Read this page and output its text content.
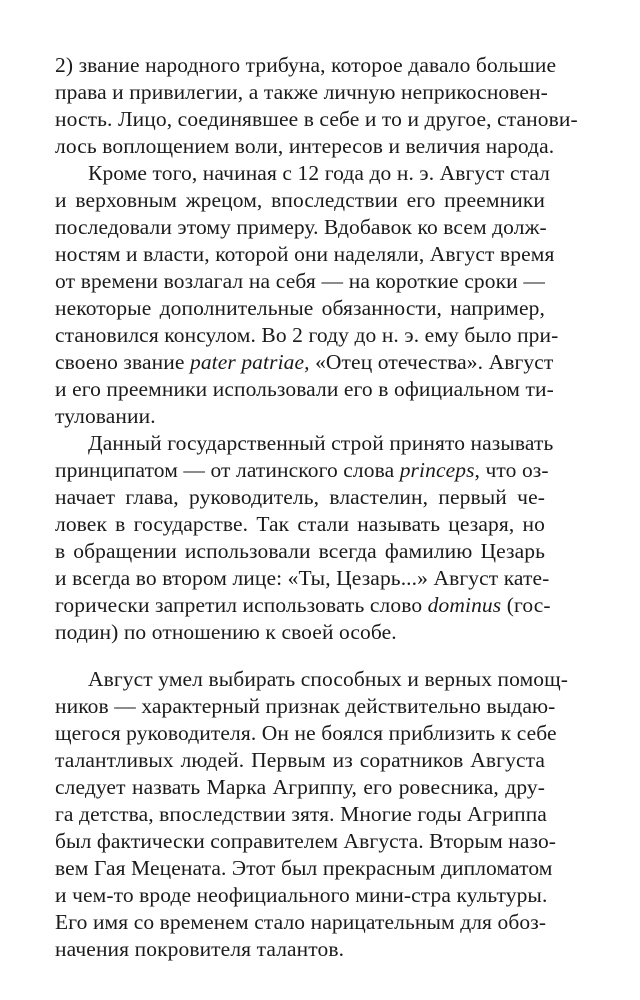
2) звание народного трибуна, которое давало большие
права и привилегии, а также личную неприкосновен-
ность. Лицо, соединявшее в себе и то и другое, станови-
лось воплощением воли, интересов и величия народа.
Кроме того, начиная с 12 года до н. э. Август стал
и верховным жрецом, впоследствии его преемники
последовали этому примеру. Вдобавок ко всем долж-
ностям и власти, которой они наделяли, Август время
от времени возлагал на себя — на короткие сроки —
некоторые дополнительные обязанности, например,
становился консулом. Во 2 году до н. э. ему было при-
своено звание pater patriae, «Отец отечества». Август
и его преемники использовали его в официальном ти-
туловании.
Данный государственный строй принято называть
принципатом — от латинского слова princeps, что оз-
начает глава, руководитель, властелин, первый че-
ловек в государстве. Так стали называть цезаря, но
в обращении использовали всегда фамилию Цезарь
и всегда во втором лице: «Ты, Цезарь...» Август кате-
горически запретил использовать слово dominus (гос-
подин) по отношению к своей особе.
Август умел выбирать способных и верных помощ-
ников — характерный признак действительно выдаю-
щегося руководителя. Он не боялся приблизить к себе
талантливых людей. Первым из соратников Августа
следует назвать Марка Агриппу, его ровесника, дру-
га детства, впоследствии зятя. Многие годы Агриппа
был фактически соправителем Августа. Вторым назо-
вем Гая Мецената. Этот был прекрасным дипломатом
и чем-то вроде неофициального мини-стра культуры.
Его имя со временем стало нарицательным для обоз-
начения покровителя талантов.
